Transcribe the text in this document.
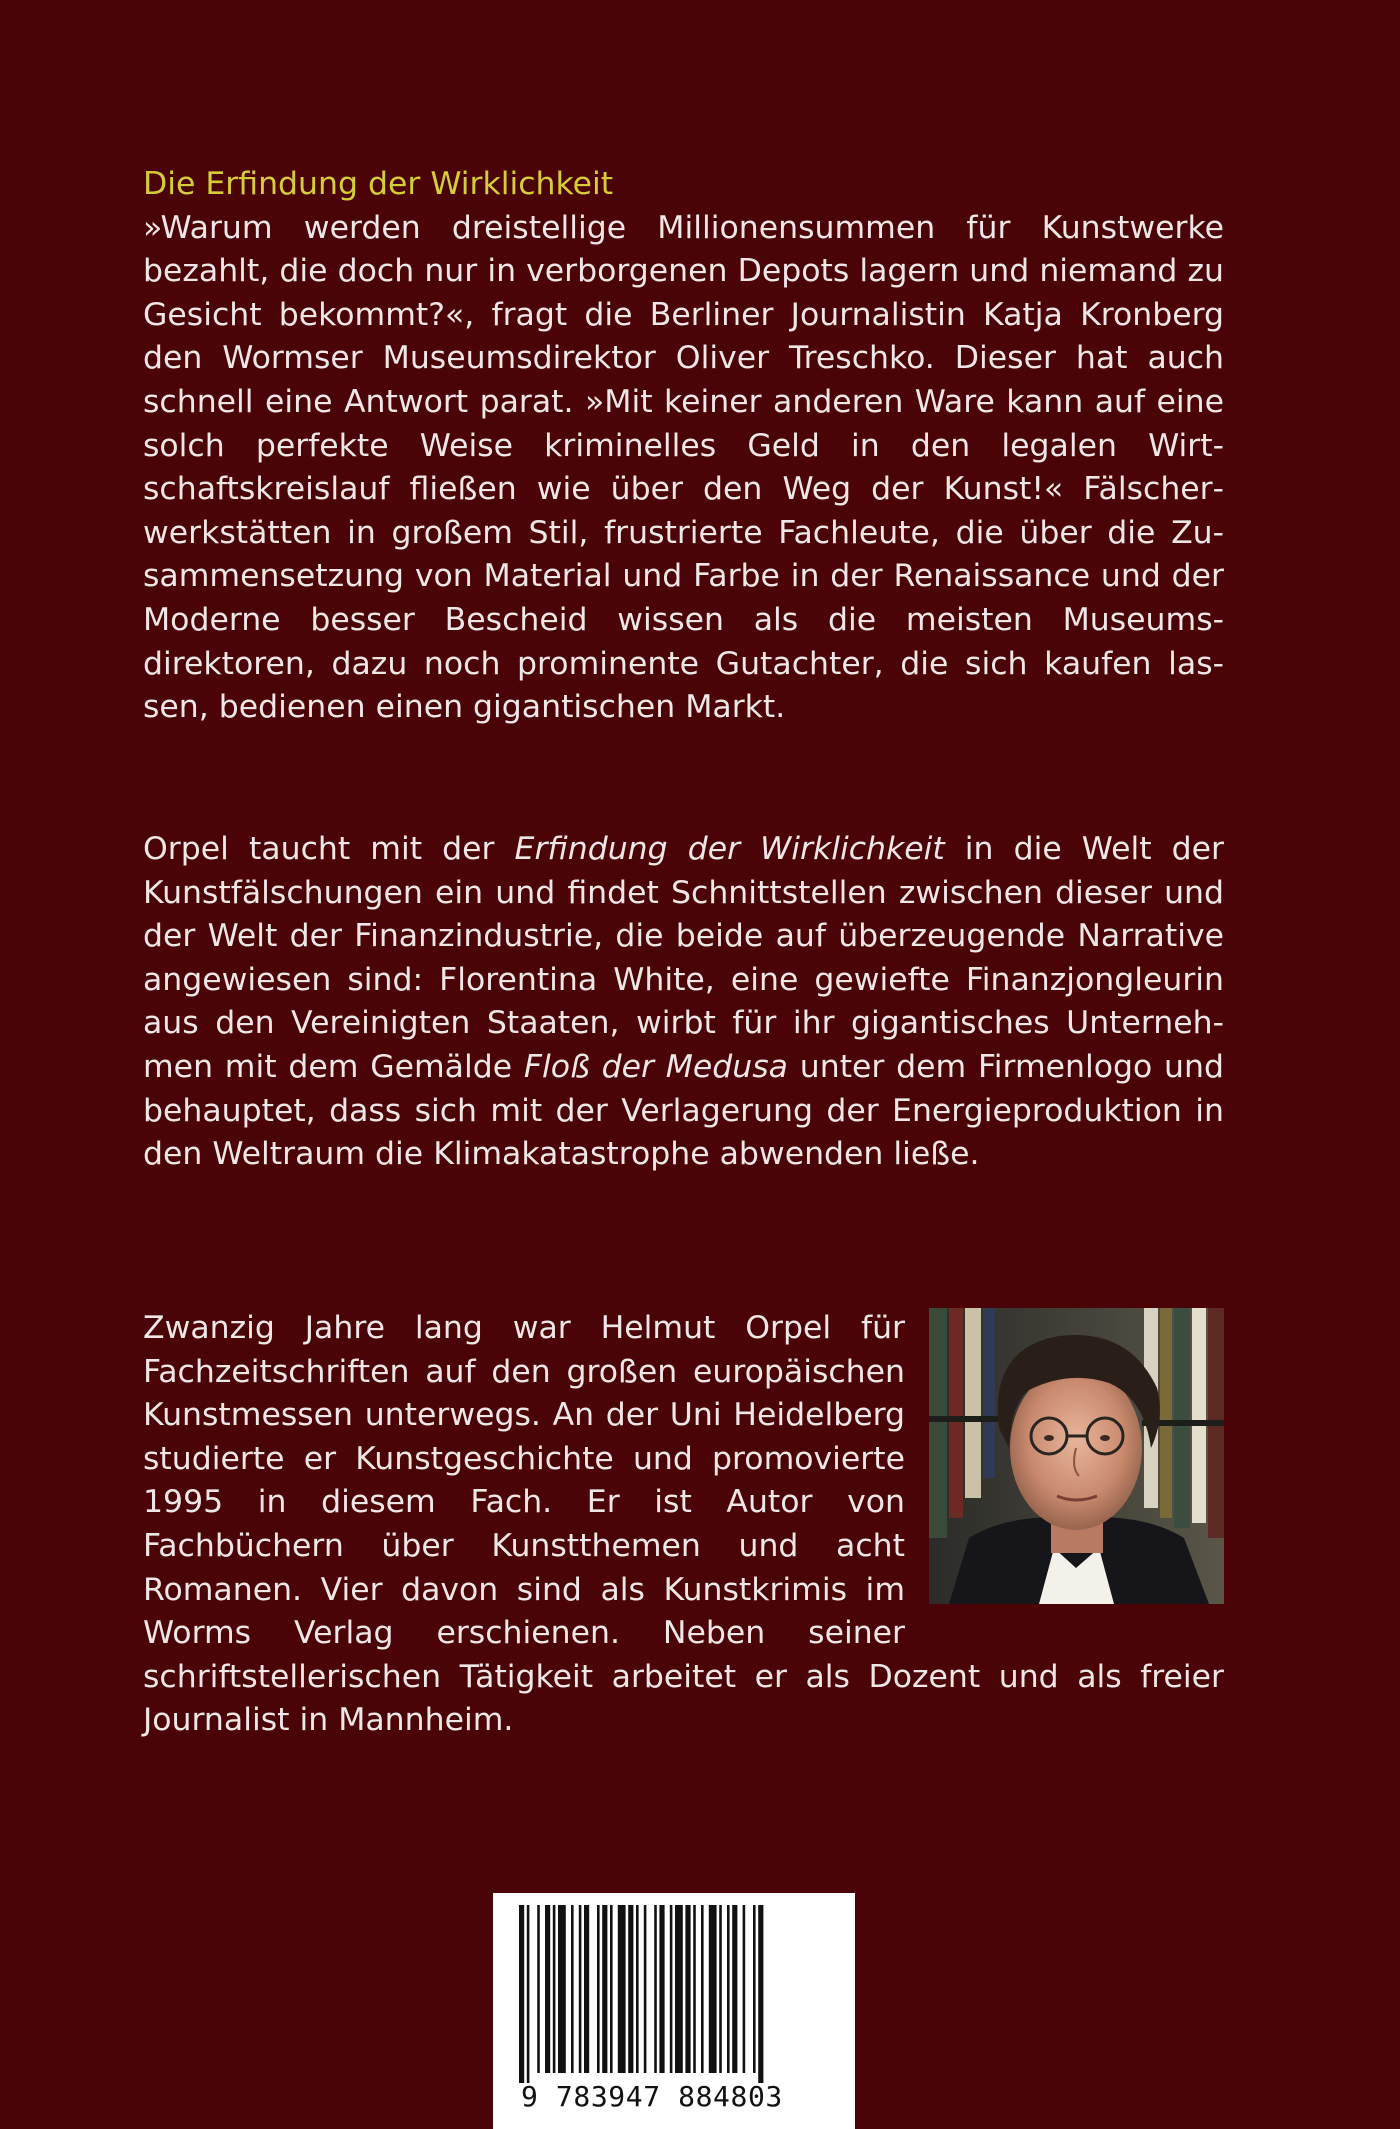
Die Erfindung der Wirklichkeit

»Warum werden dreistellige Millionensummen für Kunstwerke bezahlt, die doch nur in verborgenen Depots lagern und niemand zu Gesicht bekommt?«, fragt die Berliner Journalistin Katja Kronberg den Wormser Museumsdirektor Oliver Treschko. Dieser hat auch schnell eine Antwort parat. »Mit keiner anderen Ware kann auf eine solch perfekte Weise kriminelles Geld in den legalen Wirtschaftskreislauf fließen wie über den Weg der Kunst!« Fälscherwerkstätten in großem Stil, frustrierte Fachleute, die über die Zusammensetzung von Material und Farbe in der Renaissance und der Moderne besser Bescheid wissen als die meisten Museumsdirektoren, dazu noch prominente Gutachter, die sich kaufen lassen, bedienen einen gigantischen Markt.

Orpel taucht mit der Erfindung der Wirklichkeit in die Welt der Kunstfälschungen ein und findet Schnittstellen zwischen dieser und der Welt der Finanzindustrie, die beide auf überzeugende Narrative angewiesen sind: Florentina White, eine gewiefte Finanzjongleurin aus den Vereinigten Staaten, wirbt für ihr gigantisches Unternehmen mit dem Gemälde Floß der Medusa unter dem Firmenlogo und behauptet, dass sich mit der Verlagerung der Energieproduktion in den Weltraum die Klimakatastrophe abwenden ließe.

Zwanzig Jahre lang war Helmut Orpel für Fachzeitschriften auf den großen europäischen Kunstmessen unterwegs. An der Uni Heidelberg studierte er Kunstgeschichte und promovierte 1995 in diesem Fach. Er ist Autor von Fachbüchern über Kunstthemen und acht Romanen. Vier davon sind als Kunstkrimis im Worms Verlag erschienen. Neben seiner schriftstellerischen Tätigkeit arbeitet er als Dozent und als freier Journalist in Mannheim.

9 783947 884803
